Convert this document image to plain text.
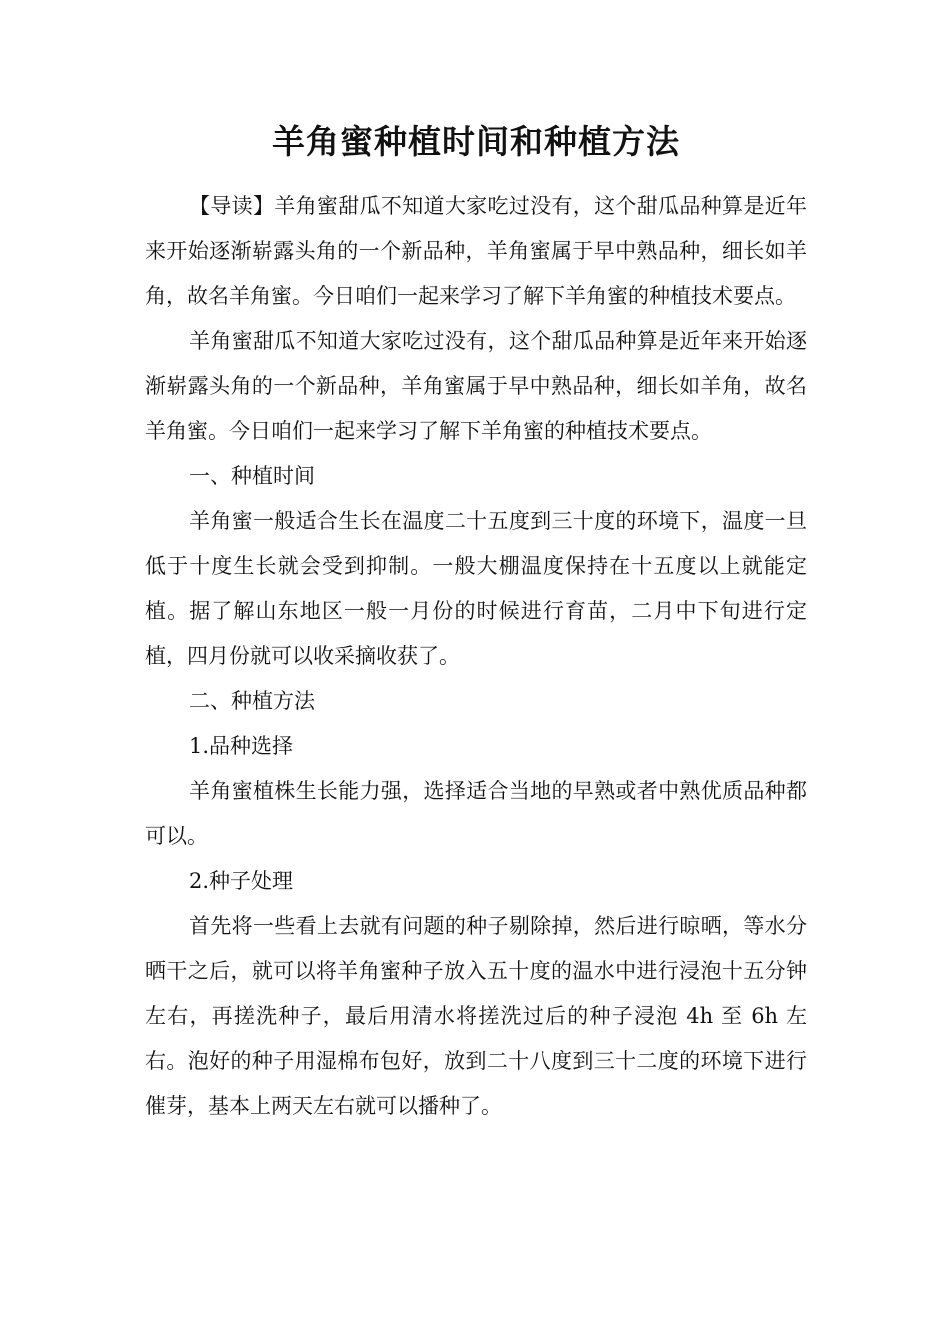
羊角蜜种植时间和种植方法

【导读】羊角蜜甜瓜不知道大家吃过没有，这个甜瓜品种算是近年来开始逐渐崭露头角的一个新品种，羊角蜜属于早中熟品种，细长如羊角，故名羊角蜜。今日咱们一起来学习了解下羊角蜜的种植技术要点。

羊角蜜甜瓜不知道大家吃过没有，这个甜瓜品种算是近年来开始逐渐崭露头角的一个新品种，羊角蜜属于早中熟品种，细长如羊角，故名羊角蜜。今日咱们一起来学习了解下羊角蜜的种植技术要点。

一、种植时间

羊角蜜一般适合生长在温度二十五度到三十度的环境下，温度一旦低于十度生长就会受到抑制。一般大棚温度保持在十五度以上就能定植。据了解山东地区一般一月份的时候进行育苗，二月中下旬进行定植，四月份就可以收采摘收获了。

二、种植方法

1.品种选择

羊角蜜植株生长能力强，选择适合当地的早熟或者中熟优质品种都可以。

2.种子处理

首先将一些看上去就有问题的种子剔除掉，然后进行晾晒，等水分晒干之后，就可以将羊角蜜种子放入五十度的温水中进行浸泡十五分钟左右，再搓洗种子，最后用清水将搓洗过后的种子浸泡 4h 至 6h 左右。泡好的种子用湿棉布包好，放到二十八度到三十二度的环境下进行催芽，基本上两天左右就可以播种了。
